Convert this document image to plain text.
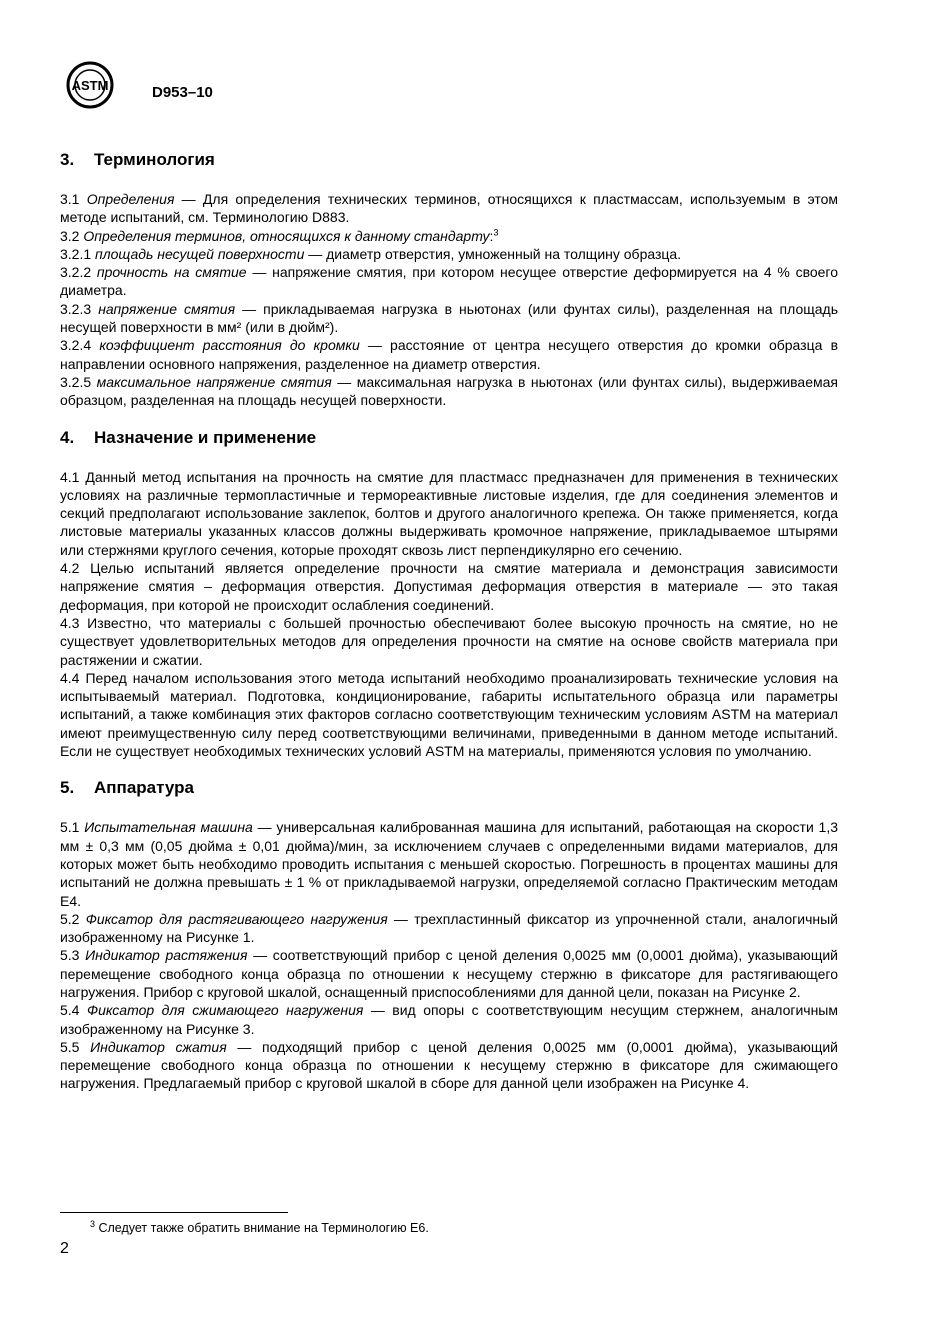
ASTM	D953–10
3. Терминология

3.1 Определения — Для определения технических терминов, относящихся к пластмассам, используемым в этом методе испытаний, см. Терминологию D883.

3.2 Определения терминов, относящихся к данному стандарту:$^3$

3.2.1 площадь несущей поверхности — диаметр отверстия, умноженный на толщину образца.

3.2.2 прочность на смятие — напряжение смятия, при котором несущее отверстие деформируется на 4 % своего диаметра.

3.2.3 напряжение смятия — прикладываемая нагрузка в ньютонах (или фунтах силы), разделенная на площадь несущей поверхности в мм² (или в дюйм²).

3.2.4 коэффициент расстояния до кромки — расстояние от центра несущего отверстия до кромки образца в направлении основного напряжения, разделенное на диаметр отверстия.

3.2.5 максимальное напряжение смятия — максимальная нагрузка в ньютонах (или фунтах силы), выдерживаемая образцом, разделенная на площадь несущей поверхности.

4. Назначение и применение

4.1 Данный метод испытания на прочность на смятие для пластмасс предназначен для применения в технических условиях на различные термопластичные и термореактивные листовые изделия, где для соединения элементов и секций предполагают использование заклепок, болтов и другого аналогичного крепежа. Он также применяется, когда листовые материалы указанных классов должны выдерживать кромочное напряжение, прикладываемое штырями или стержнями круглого сечения, которые проходят сквозь лист перпендикулярно его сечению.

4.2 Целью испытаний является определение прочности на смятие материала и демонстрация зависимости напряжение смятия – деформация отверстия. Допустимая деформация отверстия в материале — это такая деформация, при которой не происходит ослабления соединений.

4.3 Известно, что материалы с большей прочностью обеспечивают более высокую прочность на смятие, но не существует удовлетворительных методов для определения прочности на смятие на основе свойств материала при растяжении и сжатии.

4.4 Перед началом использования этого метода испытаний необходимо проанализировать технические условия на испытываемый материал. Подготовка, кондиционирование, габариты испытательного образца или параметры испытаний, а также комбинация этих факторов согласно соответствующим техническим условиям ASTM на материал имеют преимущественную силу перед соответствующими величинами, приведенными в данном методе испытаний. Если не существует необходимых технических условий ASTM на материалы, применяются условия по умолчанию.

5. Аппаратура

5.1 Испытательная машина — универсальная калиброванная машина для испытаний, работающая на скорости 1,3 мм ± 0,3 мм (0,05 дюйма ± 0,01 дюйма)/мин, за исключением случаев с определенными видами материалов, для которых может быть необходимо проводить испытания с меньшей скоростью. Погрешность в процентах машины для испытаний не должна превышать ± 1 % от прикладываемой нагрузки, определяемой согласно Практическим методам E4.

5.2 Фиксатор для растягивающего нагружения — трехпластинный фиксатор из упрочненной стали, аналогичный изображенному на Рисунке 1.

5.3 Индикатор растяжения — соответствующий прибор с ценой деления 0,0025 мм (0,0001 дюйма), указывающий перемещение свободного конца образца по отношении к несущему стержню в фиксаторе для растягивающего нагружения. Прибор с круговой шкалой, оснащенный приспособлениями для данной цели, показан на Рисунке 2.

5.4 Фиксатор для сжимающего нагружения — вид опоры с соответствующим несущим стержнем, аналогичным изображенному на Рисунке 3.

5.5 Индикатор сжатия — подходящий прибор с ценой деления 0,0025 мм (0,0001 дюйма), указывающий перемещение свободного конца образца по отношении к несущему стержню в фиксаторе для сжимающего нагружения. Предлагаемый прибор с круговой шкалой в сборе для данной цели изображен на Рисунке 4.

$^3$ Следует также обратить внимание на Терминологию E6.
2
